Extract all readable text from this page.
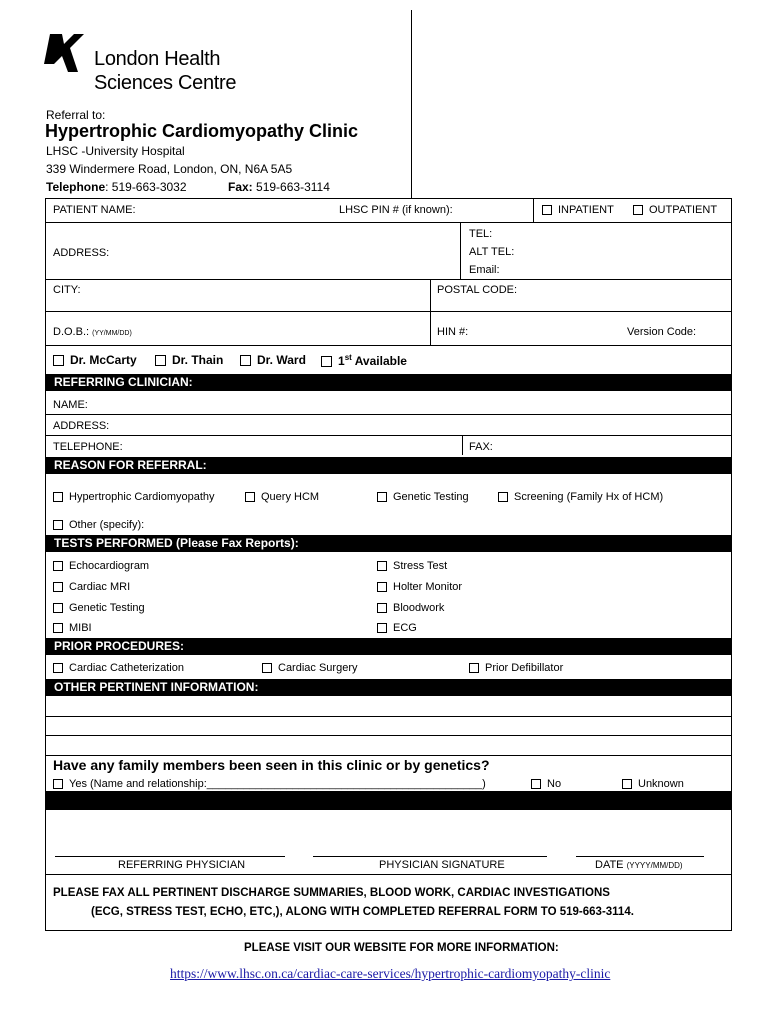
London Health
Sciences Centre
Referral to:
Hypertrophic Cardiomyopathy Clinic
LHSC -University Hospital
339 Windermere Road, London, ON, N6A 5A5
Telephone: 519-663-3032	Fax: 519-663-3114
PATIENT NAME:	LHSC PIN # (if known):	INPATIENT	OUTPATIENT
ADDRESS:
TEL:
ALT TEL:
Email:
CITY:	POSTAL CODE:
D.O.B.: (YY/MM/DD)	HIN #:	Version Code:
Dr. McCarty	Dr. Thain	Dr. Ward	1st Available
REFERRING CLINICIAN:
NAME:
ADDRESS:
TELEPHONE:	FAX:
REASON FOR REFERRAL:
Hypertrophic Cardiomyopathy	Query HCM	Genetic Testing	Screening (Family Hx of HCM)
Other (specify):
TESTS PERFORMED (Please Fax Reports):
Echocardiogram
Cardiac MRI
Genetic Testing
MIBI
Stress Test
Holter Monitor
Bloodwork
ECG
PRIOR PROCEDURES:
Cardiac Catheterization	Cardiac Surgery	Prior Defibillator
OTHER PERTINENT INFORMATION:
Have any family members been seen in this clinic or by genetics?
Yes (Name and relationship:_____________________________________________)	No	Unknown
REFERRING PHYSICIAN	PHYSICIAN SIGNATURE	DATE (YYYY/MM/DD)
PLEASE FAX ALL PERTINENT DISCHARGE SUMMARIES, BLOOD WORK, CARDIAC INVESTIGATIONS
(ECG, STRESS TEST, ECHO, ETC,), ALONG WITH COMPLETED REFERRAL FORM TO 519-663-3114.
PLEASE VISIT OUR WEBSITE FOR MORE INFORMATION:
https://www.lhsc.on.ca/cardiac-care-services/hypertrophic-cardiomyopathy-clinic
